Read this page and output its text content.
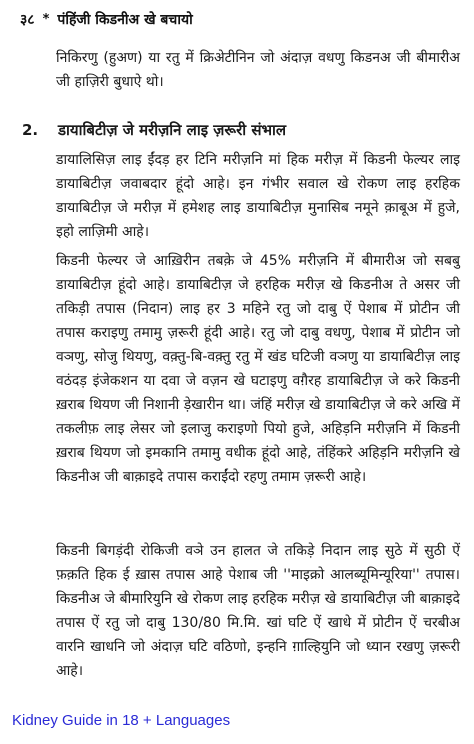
३८ * पंहिंजी किडनीअ खे बचायो

निकिरणु (हुअण) या रतु में क्रिअेटीनिन जो अंदाज़ वधणु किडनअ जी बीमारीअ जी हाज़िरी बुधाऐ थो।

2.	डायाबिटीज़ जे मरीज़नि लाइ ज़रूरी संभाल

डायालिसिज़ लाइ ईंदड़ हर टिनि मरीज़नि मां हिक मरीज़ में किडनी फेल्यर लाइ डायाबिटीज़ जवाबदार हूंदो आहे। इन गंभीर सवाल खे रोकण लाइ हरहिक डायाबिटीज़ जे मरीज़ में हमेशह लाइ डायाबिटीज़ मुनासिब नमूने क़ाबूअ में हुजे, इहो लाज़िमी आहे।

किडनी फेल्यर जे आख़िरीन तबक़े जे 45% मरीज़नि में बीमारीअ जो सबबु डायाबिटीज़ हूंदो आहे। डायाबिटीज़ जे हरहिक मरीज़ खे किडनीअ ते असर जी तकिड़ी तपास (निदान) लाइ हर 3 महिने रतु जो दाबु ऐं पेशाब में प्रोटीन जी तपास कराइणु तमामु ज़रूरी हूंदी आहे। रतु जो दाबु वधणु, पेशाब में प्रोटीन जो वञणु, सोजु थियणु, वक़्तु-बि-वक़्तु रतु में खंड घटिजी वञणु या डायाबिटीज़ लाइ वठंदड़ इंजेकशन या दवा जे वज़न खे घटाइणु वग़ैरह डायाबिटीज़ जे करे किडनी ख़राब थियण जी निशानी ड़ेखारीन था। जंहिं मरीज़ खे डायाबिटीज़ जे करे अखि में तकलीफ़ लाइ लेसर जो इलाजु कराइणो पियो हुजे, अहिड़नि मरीज़नि में किडनी ख़राब थियण जो इमकानि तमामु वधीक हूंदो आहे, तंहिंकरे अहिड़नि मरीज़नि खे किडनीअ जी बाक़ाइदे तपास कराईंदो रहणु तमाम ज़रूरी आहे।

किडनी बिगड़ंदी रोकिजी वञे उन हालत जे तकिड़े निदान लाइ सुठे में सुठी ऐं फ़क़ति हिक ई ख़ास तपास आहे पेशाब जी ''माइक्रो आलब्यूमिन्यूरिया'' तपास। किडनीअ जे बीमारियुनि खे रोकण लाइ हरहिक मरीज़ खे डायाबिटीज़ जी बाक़ाइदे तपास ऐं रतु जो दाबु 130/80 मि.मि. खां घटि ऐं खाधे में प्रोटीन ऐं चरबीअ वारनि खाधनि जो अंदाज़ घटि वठिणो, इन्हनि ग़ाल्हियुनि जो ध्यान रखणु ज़रूरी आहे।

Kidney Guide in 18 + Languages
